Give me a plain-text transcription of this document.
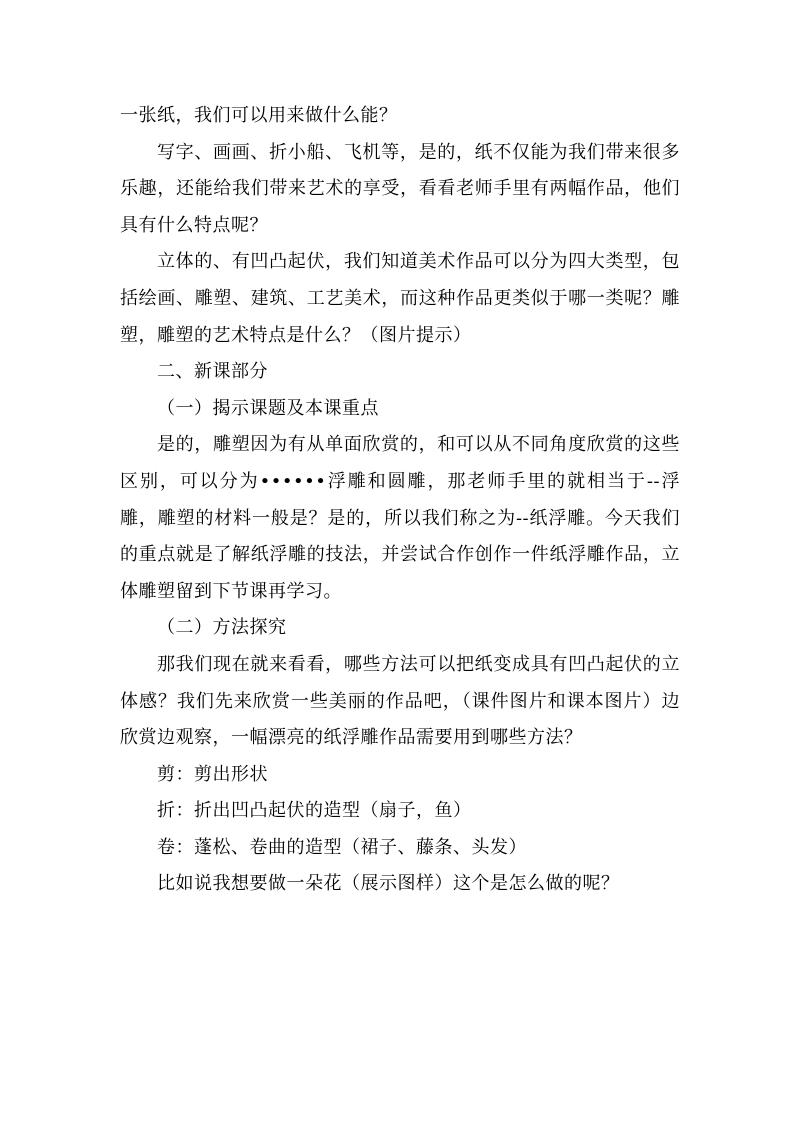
一张纸，我们可以用来做什么能？

写字、画画、折小船、飞机等，是的，纸不仅能为我们带来很多乐趣，还能给我们带来艺术的享受，看看老师手里有两幅作品，他们具有什么特点呢？

立体的、有凹凸起伏，我们知道美术作品可以分为四大类型，包括绘画、雕塑、建筑、工艺美术，而这种作品更类似于哪一类呢？雕塑，雕塑的艺术特点是什么？（图片提示）

二、新课部分

（一）揭示课题及本课重点

是的，雕塑因为有从单面欣赏的，和可以从不同角度欣赏的这些区别，可以分为••••••浮雕和圆雕，那老师手里的就相当于--浮雕，雕塑的材料一般是？是的，所以我们称之为--纸浮雕。今天我们的重点就是了解纸浮雕的技法，并尝试合作创作一件纸浮雕作品，立体雕塑留到下节课再学习。

（二）方法探究

那我们现在就来看看，哪些方法可以把纸变成具有凹凸起伏的立体感？我们先来欣赏一些美丽的作品吧，（课件图片和课本图片）边欣赏边观察，一幅漂亮的纸浮雕作品需要用到哪些方法？

剪：剪出形状

折：折出凹凸起伏的造型（扇子，鱼）

卷：蓬松、卷曲的造型（裙子、藤条、头发）

比如说我想要做一朵花（展示图样）这个是怎么做的呢？
